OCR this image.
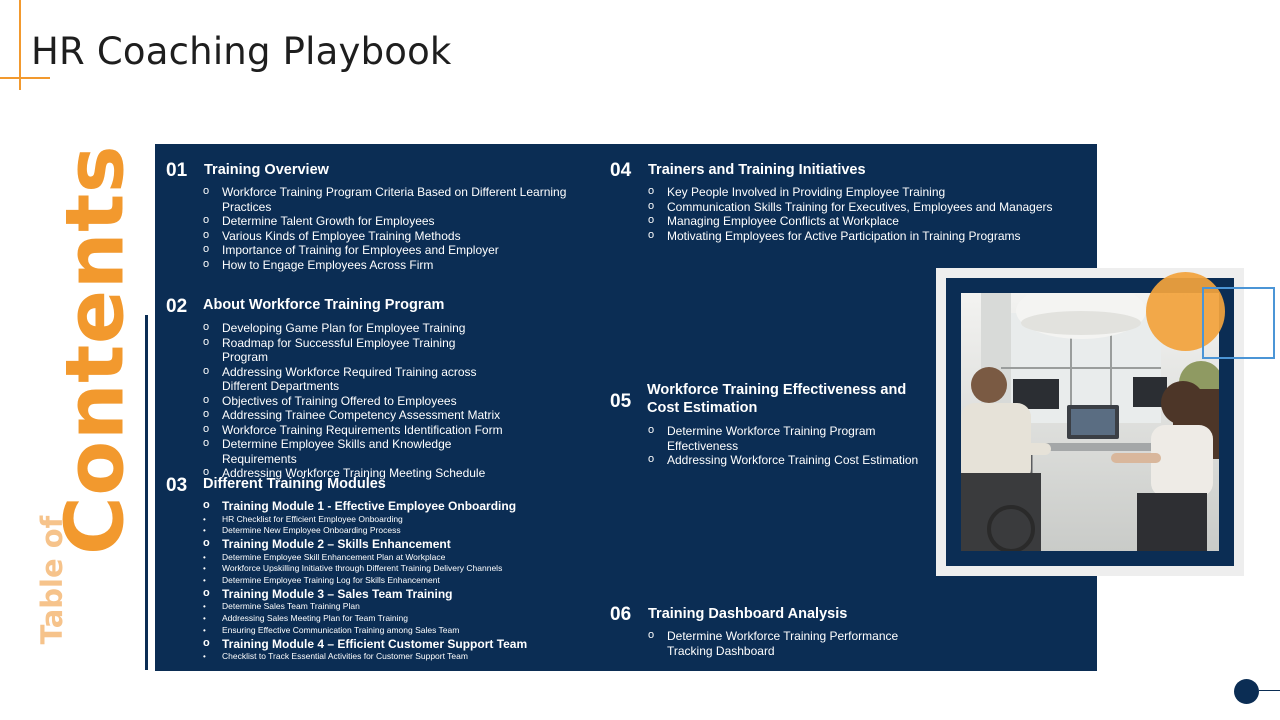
HR Coaching Playbook
Contents
Table of
01 Training Overview
o Workforce Training Program Criteria Based on Different Learning Practices
o Determine Talent Growth for Employees
o Various Kinds of Employee Training Methods
o Importance of Training for Employees and Employer
o How to Engage Employees Across Firm
02 About Workforce Training Program
o Developing Game Plan for Employee Training
o Roadmap for Successful Employee Training Program
o Addressing Workforce Required Training across Different Departments
o Objectives of Training Offered to Employees
o Addressing Trainee Competency Assessment Matrix
o Workforce Training Requirements Identification Form
o Determine Employee Skills and Knowledge Requirements
o Addressing Workforce Training Meeting Schedule
03 Different Training Modules
o Training Module 1 - Effective Employee Onboarding
• HR Checklist for Efficient Employee Onboarding
• Determine New Employee Onboarding Process
o Training Module 2 – Skills Enhancement
• Determine Employee Skill Enhancement Plan at Workplace
• Workforce Upskilling Initiative through Different Training Delivery Channels
• Determine Employee Training Log for Skills Enhancement
o Training Module 3 – Sales Team Training
• Determine Sales Team Training Plan
• Addressing Sales Meeting Plan for Team Training
• Ensuring Effective Communication Training among Sales Team
o Training Module 4 – Efficient Customer Support Team
• Checklist to Track Essential Activities for Customer Support Team
04 Trainers and Training Initiatives
o Key People Involved in Providing Employee Training
o Communication Skills Training for Executives, Employees and Managers
o Managing Employee Conflicts at Workplace
o Motivating Employees for Active Participation in Training Programs
05
Workforce Training Effectiveness and Cost Estimation
o Determine Workforce Training Program Effectiveness
o Addressing Workforce Training Cost Estimation
06 Training Dashboard Analysis
o Determine Workforce Training Performance Tracking Dashboard
